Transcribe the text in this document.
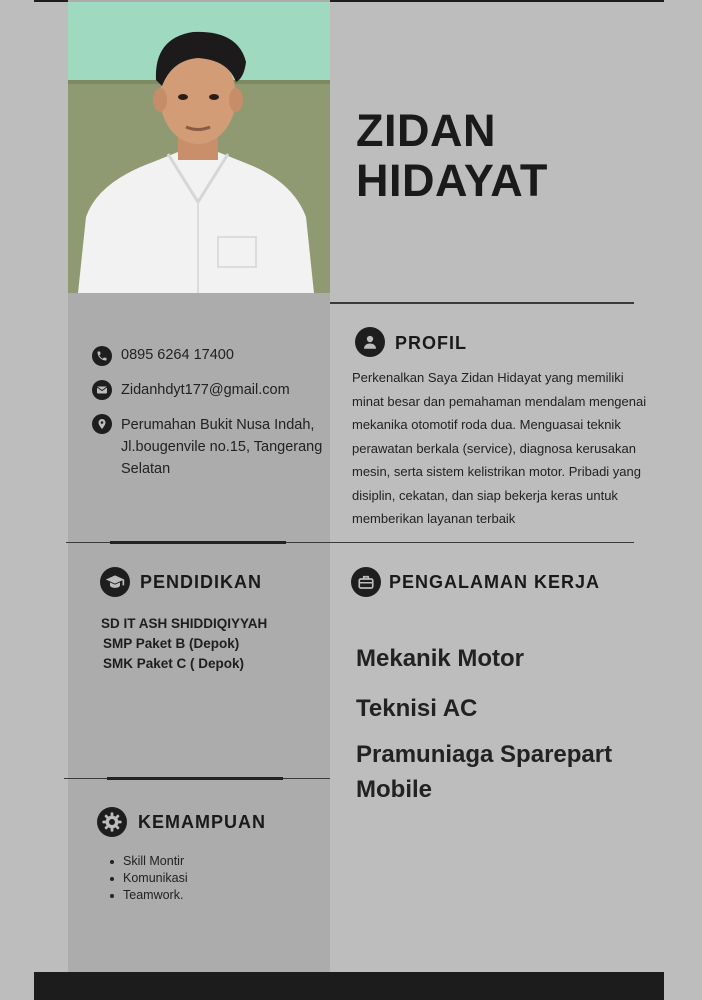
ZIDAN
HIDAYAT
0895 6264 17400
Zidanhdyt177@gmail.com
Perumahan Bukit Nusa Indah,
Jl.bougenvile no.15, Tangerang
Selatan
PROFIL
Perkenalkan Saya Zidan Hidayat yang memiliki
minat besar dan pemahaman mendalam mengenai
mekanika otomotif roda dua. Menguasai teknik
perawatan berkala (service), diagnosa kerusakan
mesin, serta sistem kelistrikan motor. Pribadi yang
disiplin, cekatan, dan siap bekerja keras untuk
memberikan layanan terbaik
PENDIDIKAN
SD IT ASH SHIDDIQIYYAH
SMP Paket B (Depok)
SMK Paket C ( Depok)
PENGALAMAN KERJA
Mekanik Motor
Teknisi AC
Pramuniaga Sparepart
Mobile
KEMAMPUAN
Skill Montir
Komunikasi
Teamwork.
